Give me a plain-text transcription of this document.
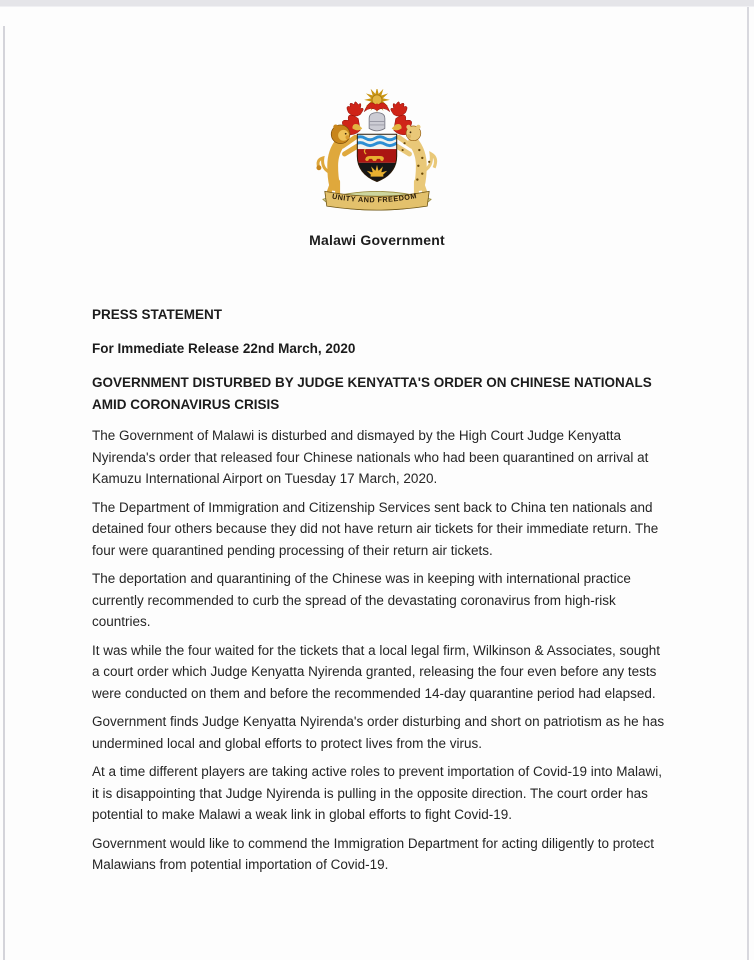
UNITY AND FREEDOM
Malawi Government

PRESS STATEMENT

For Immediate Release 22nd March, 2020

GOVERNMENT DISTURBED BY JUDGE KENYATTA'S ORDER ON CHINESE NATIONALS AMID CORONAVIRUS CRISIS

The Government of Malawi is disturbed and dismayed by the High Court Judge Kenyatta Nyirenda's order that released four Chinese nationals who had been quarantined on arrival at Kamuzu International Airport on Tuesday 17 March, 2020.

The Department of Immigration and Citizenship Services sent back to China ten nationals and detained four others because they did not have return air tickets for their immediate return. The four were quarantined pending processing of their return air tickets.

The deportation and quarantining of the Chinese was in keeping with international practice currently recommended to curb the spread of the devastating coronavirus from high-risk countries.

It was while the four waited for the tickets that a local legal firm, Wilkinson & Associates, sought a court order which Judge Kenyatta Nyirenda granted, releasing the four even before any tests were conducted on them and before the recommended 14-day quarantine period had elapsed.

Government finds Judge Kenyatta Nyirenda's order disturbing and short on patriotism as he has undermined local and global efforts to protect lives from the virus.

At a time different players are taking active roles to prevent importation of Covid-19 into Malawi, it is disappointing that Judge Nyirenda is pulling in the opposite direction. The court order has potential to make Malawi a weak link in global efforts to fight Covid-19.

Government would like to commend the Immigration Department for acting diligently to protect Malawians from potential importation of Covid-19.
